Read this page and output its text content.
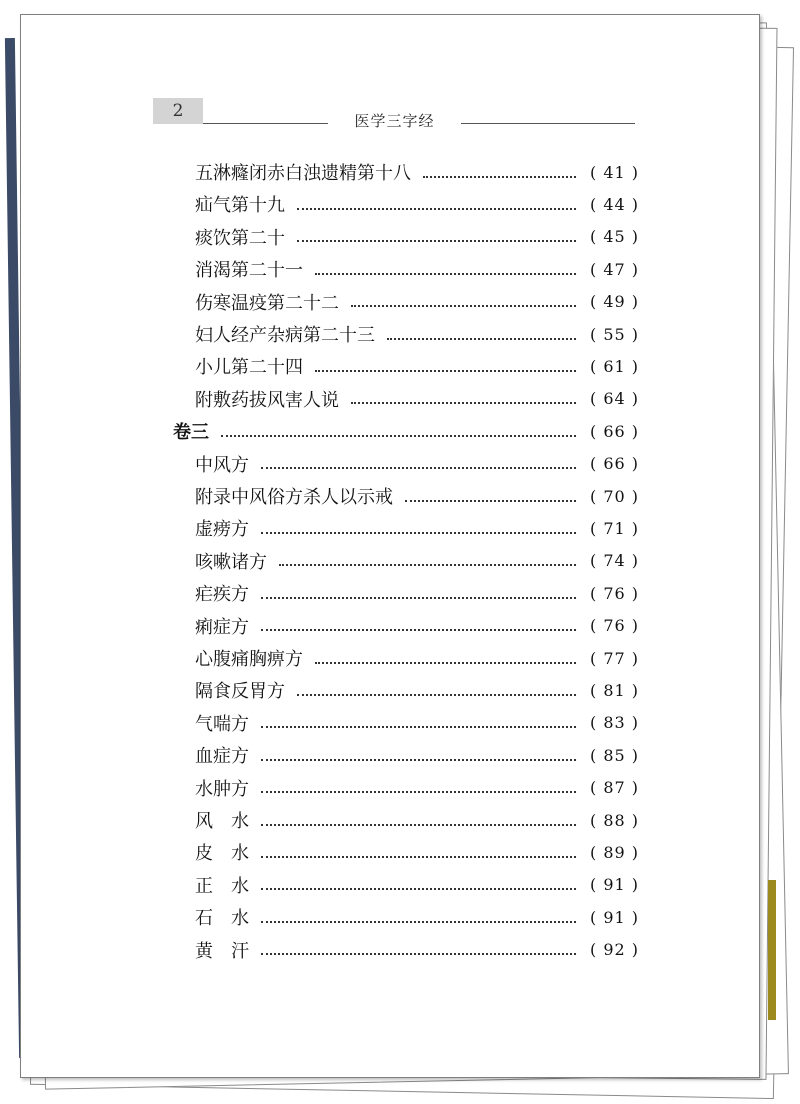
2	医学三字经
五淋癃闭赤白浊遗精第十八	( 41 )
疝气第十九	( 44 )
痰饮第二十	( 45 )
消渴第二十一	( 47 )
伤寒温疫第二十二	( 49 )
妇人经产杂病第二十三	( 55 )
小儿第二十四	( 61 )
附敷药拔风害人说	( 64 )
卷三	( 66 )
中风方	( 66 )
附录中风俗方杀人以示戒	( 70 )
虚痨方	( 71 )
咳嗽诸方	( 74 )
疟疾方	( 76 )
痢症方	( 76 )
心腹痛胸痹方	( 77 )
隔食反胃方	( 81 )
气喘方	( 83 )
血症方	( 85 )
水肿方	( 87 )
风　水	( 88 )
皮　水	( 89 )
正　水	( 91 )
石　水	( 91 )
黄　汗	( 92 )
